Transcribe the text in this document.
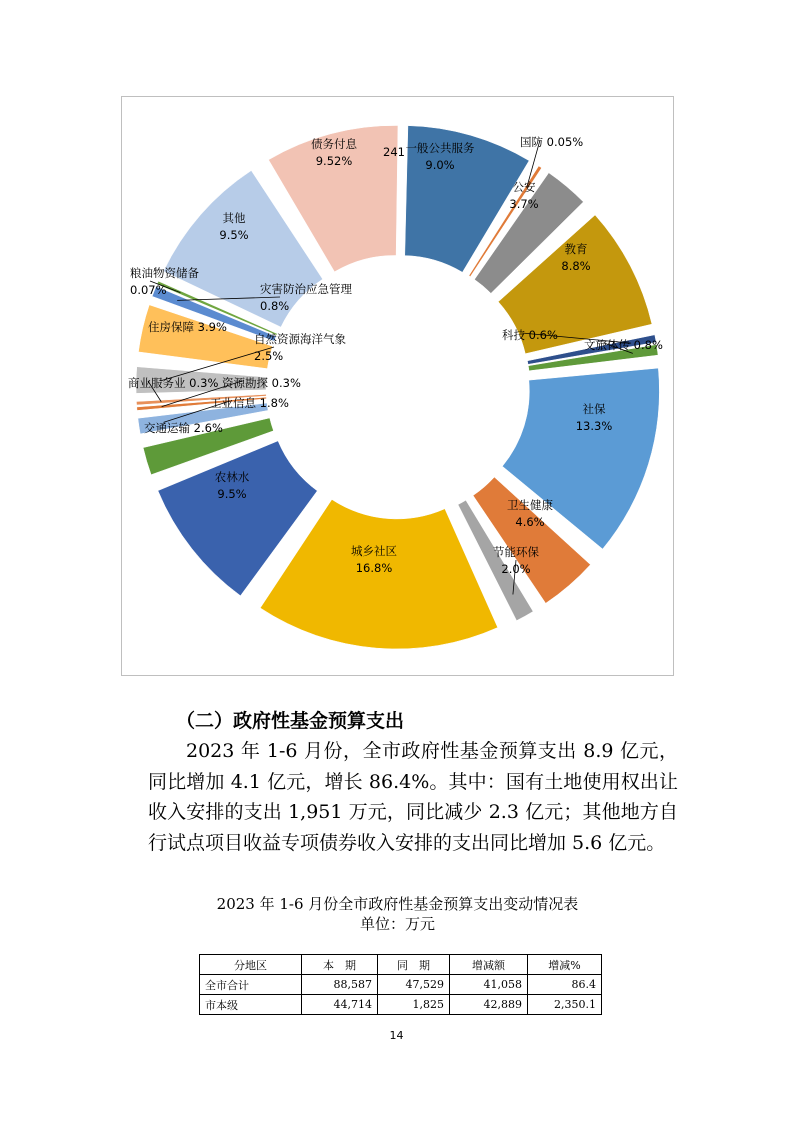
一般公共服务
9.0%
国防 0.05%
公安
3.7%
教育
8.8%
科技 0.6%
文旅体传 0.8%
社保
13.3%
卫生健康
4.6%
节能环保
2.0%
城乡社区
16.8%
农林水
9.5%
交通运输 2.6%
工业信息 1.8%
资源勘探 0.3%
商业服务业 0.3%
自然资源海洋气象
2.5%
住房保障 3.9%
灾害防治应急管理
0.8%
粮油物资储备
0.07%
其他
9.5%
债务付息
9.52%
241
（二）政府性基金预算支出

2023 年 1-6 月份，全市政府性基金预算支出 8.9 亿元，同比增加 4.1 亿元，增长 86.4%。其中：国有土地使用权出让收入安排的支出 1,951 万元，同比减少 2.3 亿元；其他地方自行试点项目收益专项债券收入安排的支出同比增加 5.6 亿元。

2023 年 1-6 月份全市政府性基金预算支出变动情况表

单位：万元

分地区	本　期	同　期	增减额	增减%
全市合计	88,587	47,529	41,058	86.4
市本级	44,714	1,825	42,889	2,350.1
14
